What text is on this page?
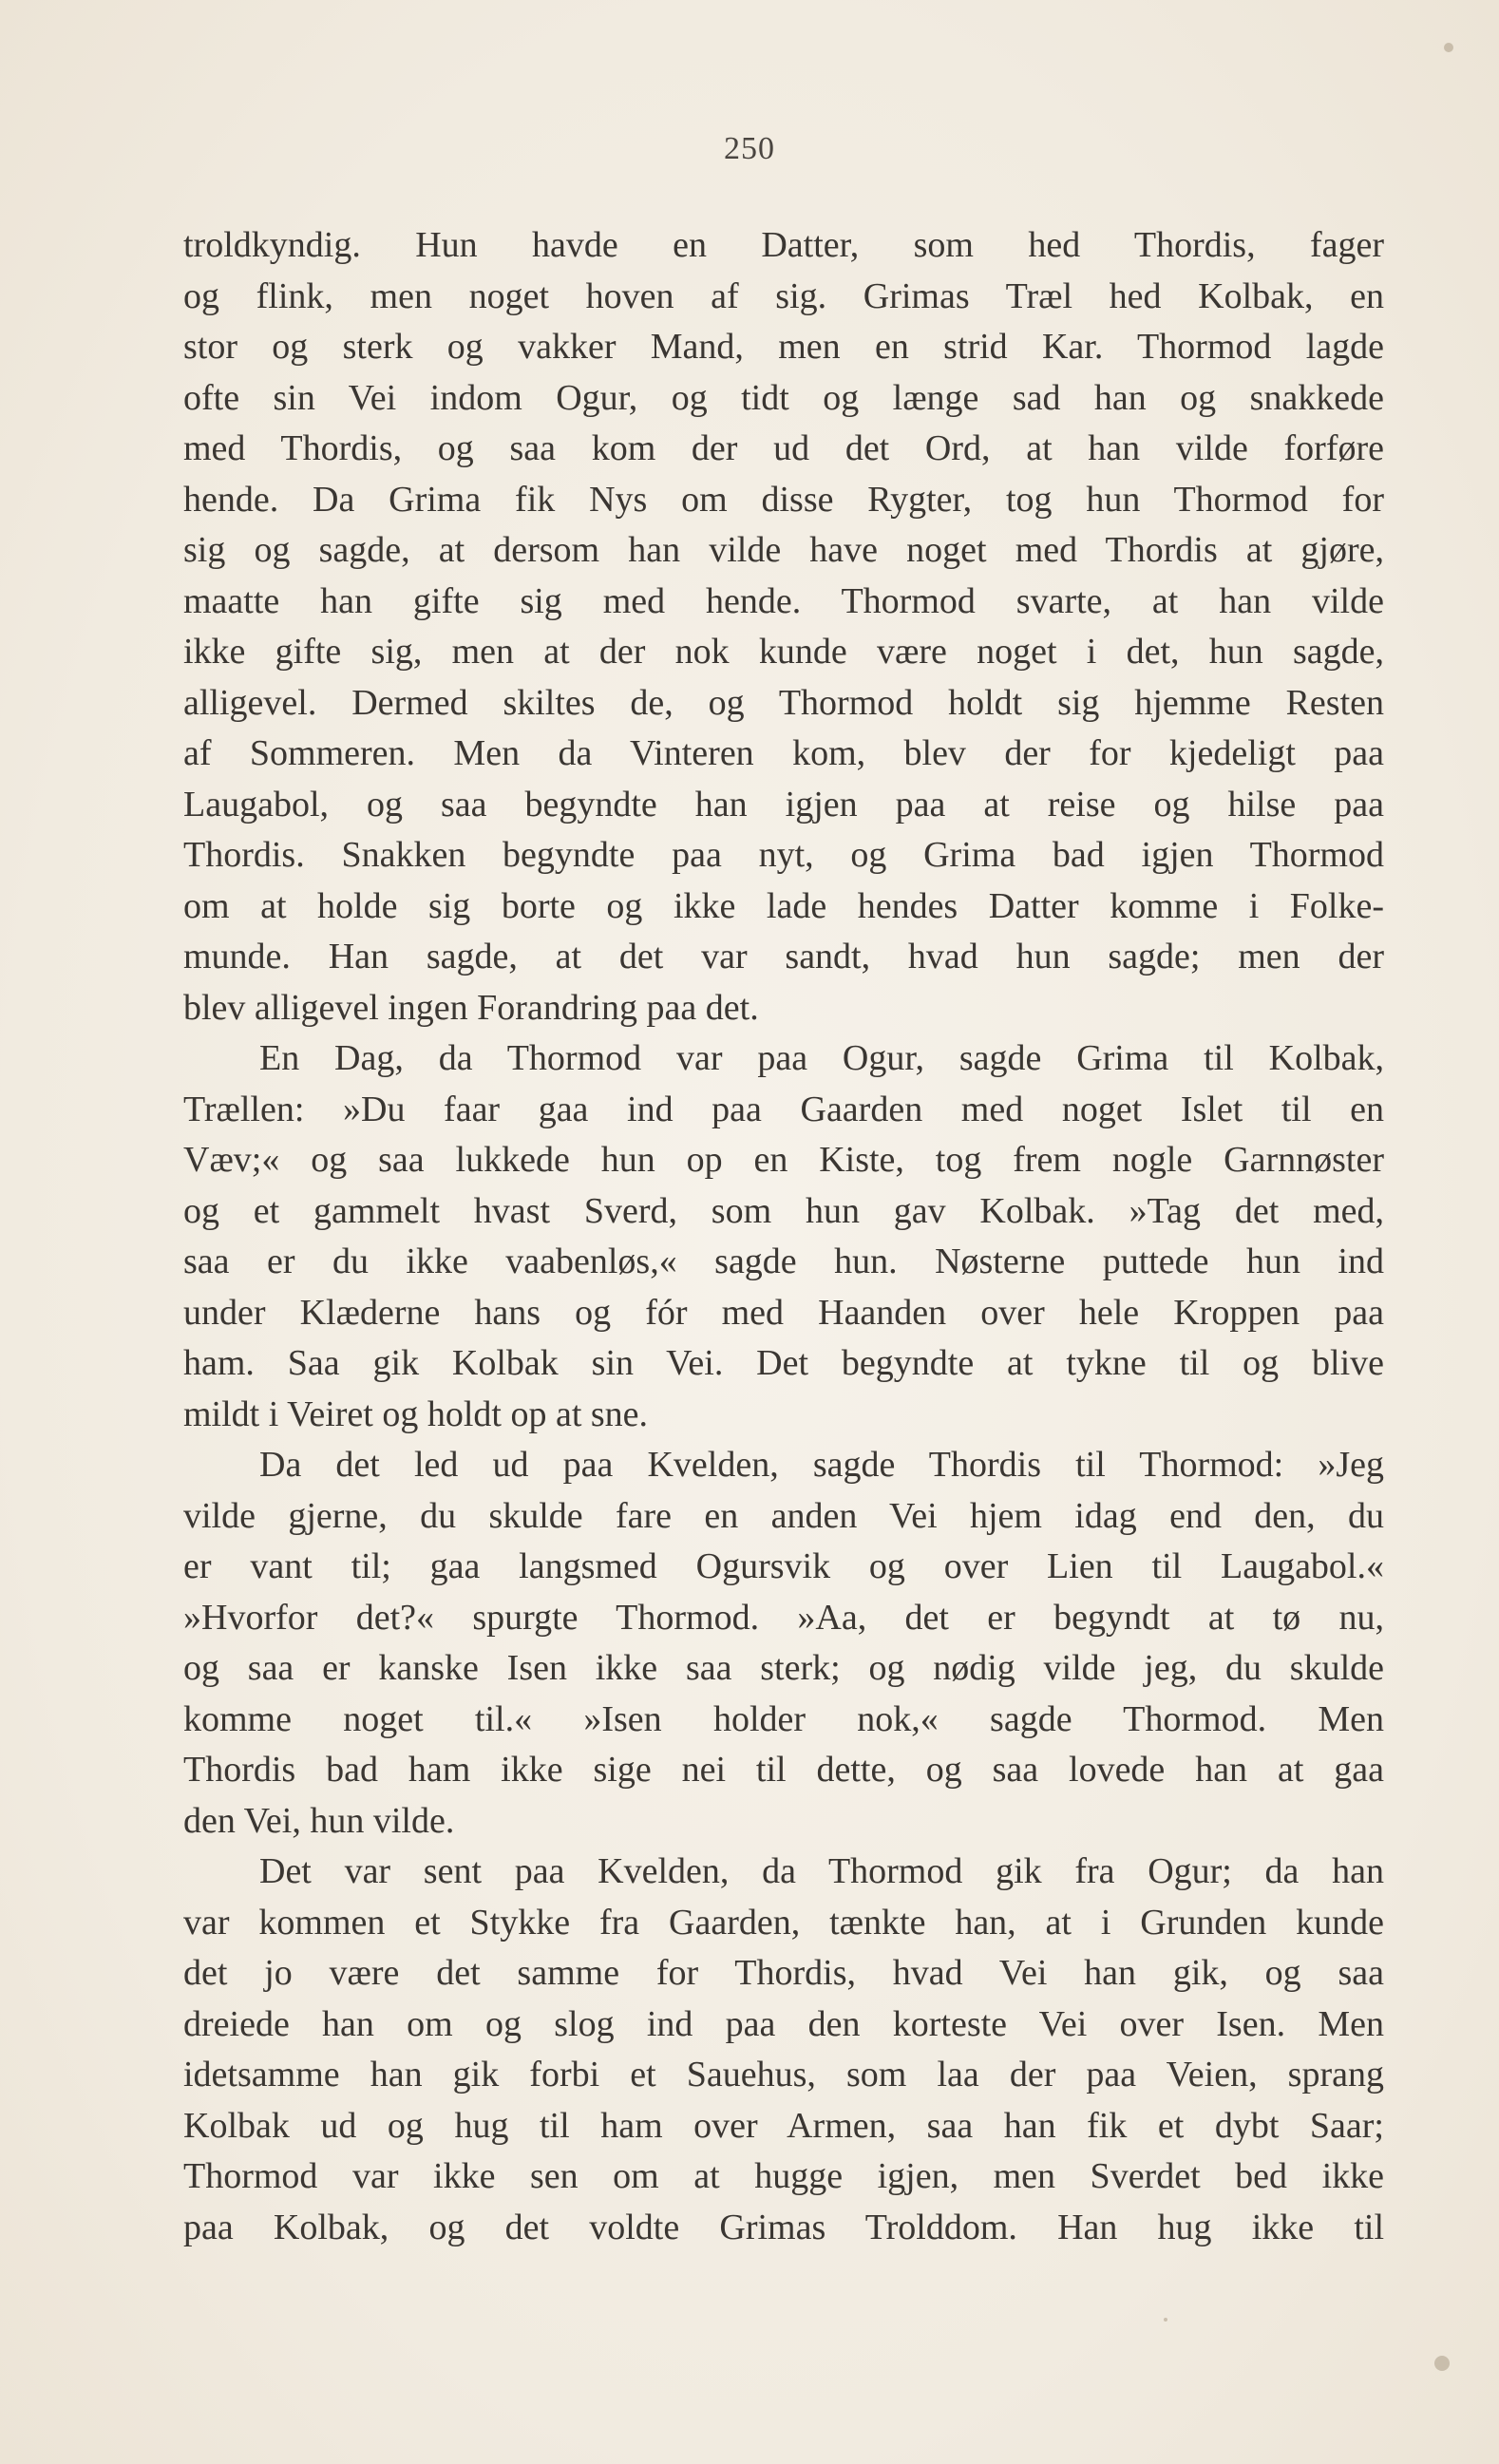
250
troldkyndig. Hun havde en Datter, som hed Thordis, fager
og flink, men noget hoven af sig. Grimas Træl hed Kolbak, en
stor og sterk og vakker Mand, men en strid Kar. Thormod lagde
ofte sin Vei indom Ogur, og tidt og længe sad han og snakkede
med Thordis, og saa kom der ud det Ord, at han vilde forføre
hende. Da Grima fik Nys om disse Rygter, tog hun Thormod for
sig og sagde, at dersom han vilde have noget med Thordis at gjøre,
maatte han gifte sig med hende. Thormod svarte, at han vilde
ikke gifte sig, men at der nok kunde være noget i det, hun sagde,
alligevel. Dermed skiltes de, og Thormod holdt sig hjemme Resten
af Sommeren. Men da Vinteren kom, blev der for kjedeligt paa
Laugabol, og saa begyndte han igjen paa at reise og hilse paa
Thordis. Snakken begyndte paa nyt, og Grima bad igjen Thormod
om at holde sig borte og ikke lade hendes Datter komme i Folke-
munde. Han sagde, at det var sandt, hvad hun sagde; men der
blev alligevel ingen Forandring paa det.
En Dag, da Thormod var paa Ogur, sagde Grima til Kolbak,
Trællen: »Du faar gaa ind paa Gaarden med noget Islet til en
Væv;« og saa lukkede hun op en Kiste, tog frem nogle Garnnøster
og et gammelt hvast Sverd, som hun gav Kolbak. »Tag det med,
saa er du ikke vaabenløs,« sagde hun. Nøsterne puttede hun ind
under Klæderne hans og fór med Haanden over hele Kroppen paa
ham. Saa gik Kolbak sin Vei. Det begyndte at tykne til og blive
mildt i Veiret og holdt op at sne.
Da det led ud paa Kvelden, sagde Thordis til Thormod: »Jeg
vilde gjerne, du skulde fare en anden Vei hjem idag end den, du
er vant til; gaa langsmed Ogursvik og over Lien til Laugabol.«
»Hvorfor det?« spurgte Thormod. »Aa, det er begyndt at tø nu,
og saa er kanske Isen ikke saa sterk; og nødig vilde jeg, du skulde
komme noget til.« »Isen holder nok,« sagde Thormod. Men
Thordis bad ham ikke sige nei til dette, og saa lovede han at gaa
den Vei, hun vilde.
Det var sent paa Kvelden, da Thormod gik fra Ogur; da han
var kommen et Stykke fra Gaarden, tænkte han, at i Grunden kunde
det jo være det samme for Thordis, hvad Vei han gik, og saa
dreiede han om og slog ind paa den korteste Vei over Isen. Men
idetsamme han gik forbi et Sauehus, som laa der paa Veien, sprang
Kolbak ud og hug til ham over Armen, saa han fik et dybt Saar;
Thormod var ikke sen om at hugge igjen, men Sverdet bed ikke
paa Kolbak, og det voldte Grimas Trolddom. Han hug ikke til
